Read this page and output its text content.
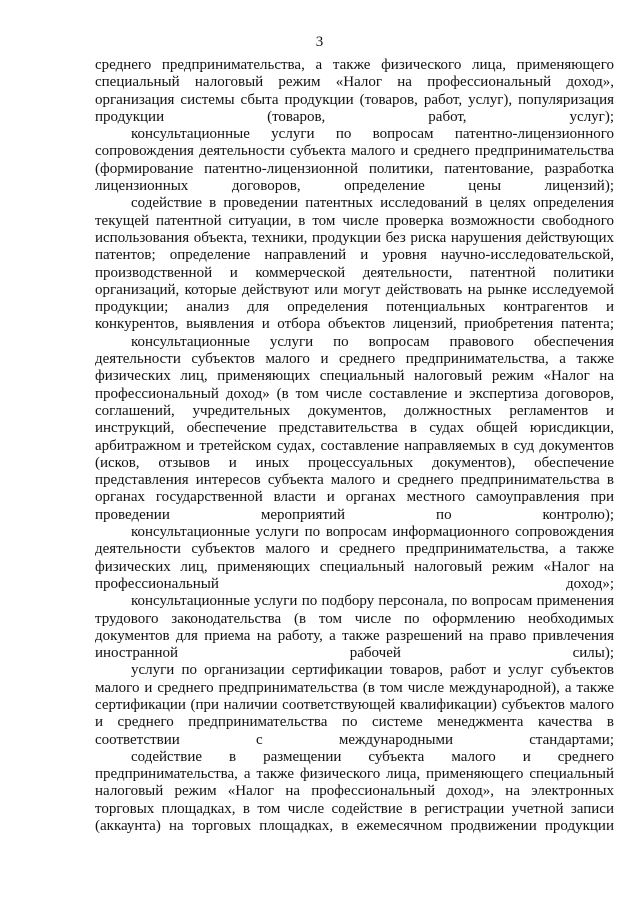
3

среднего предпринимательства, а также физического лица, применяющего специальный налоговый режим «Налог на профессиональный доход», организация системы сбыта продукции (товаров, работ, услуг), популяризация продукции (товаров, работ, услуг);

консультационные услуги по вопросам патентно-лицензионного сопровождения деятельности субъекта малого и среднего предпринимательства (формирование патентно-лицензионной политики, патентование, разработка лицензионных договоров, определение цены лицензий);

содействие в проведении патентных исследований в целях определения текущей патентной ситуации, в том числе проверка возможности свободного использования объекта, техники, продукции без риска нарушения действующих патентов; определение направлений и уровня научно-исследовательской, производственной и коммерческой деятельности, патентной политики организаций, которые действуют или могут действовать на рынке исследуемой продукции; анализ для определения потенциальных контрагентов и конкурентов, выявления и отбора объектов лицензий, приобретения патента;

консультационные услуги по вопросам правового обеспечения деятельности субъектов малого и среднего предпринимательства, а также физических лиц, применяющих специальный налоговый режим «Налог на профессиональный доход» (в том числе составление и экспертиза договоров, соглашений, учредительных документов, должностных регламентов и инструкций, обеспечение представительства в судах общей юрисдикции, арбитражном и третейском судах, составление направляемых в суд документов (исков, отзывов и иных процессуальных документов), обеспечение представления интересов субъекта малого и среднего предпринимательства в органах государственной власти и органах местного самоуправления при проведении мероприятий по контролю);

консультационные услуги по вопросам информационного сопровождения деятельности субъектов малого и среднего предпринимательства, а также физических лиц, применяющих специальный налоговый режим «Налог на профессиональный доход»;

консультационные услуги по подбору персонала, по вопросам применения трудового законодательства (в том числе по оформлению необходимых документов для приема на работу, а также разрешений на право привлечения иностранной рабочей силы);

услуги по организации сертификации товаров, работ и услуг субъектов малого и среднего предпринимательства (в том числе международной), а также сертификации (при наличии соответствующей квалификации) субъектов малого и среднего предпринимательства по системе менеджмента качества в соответствии с международными стандартами;

содействие в размещении субъекта малого и среднего предпринимательства, а также физического лица, применяющего специальный налоговый режим «Налог на профессиональный доход», на электронных торговых площадках, в том числе содействие в регистрации учетной записи (аккаунта) на торговых площадках, в ежемесячном продвижении продукции
